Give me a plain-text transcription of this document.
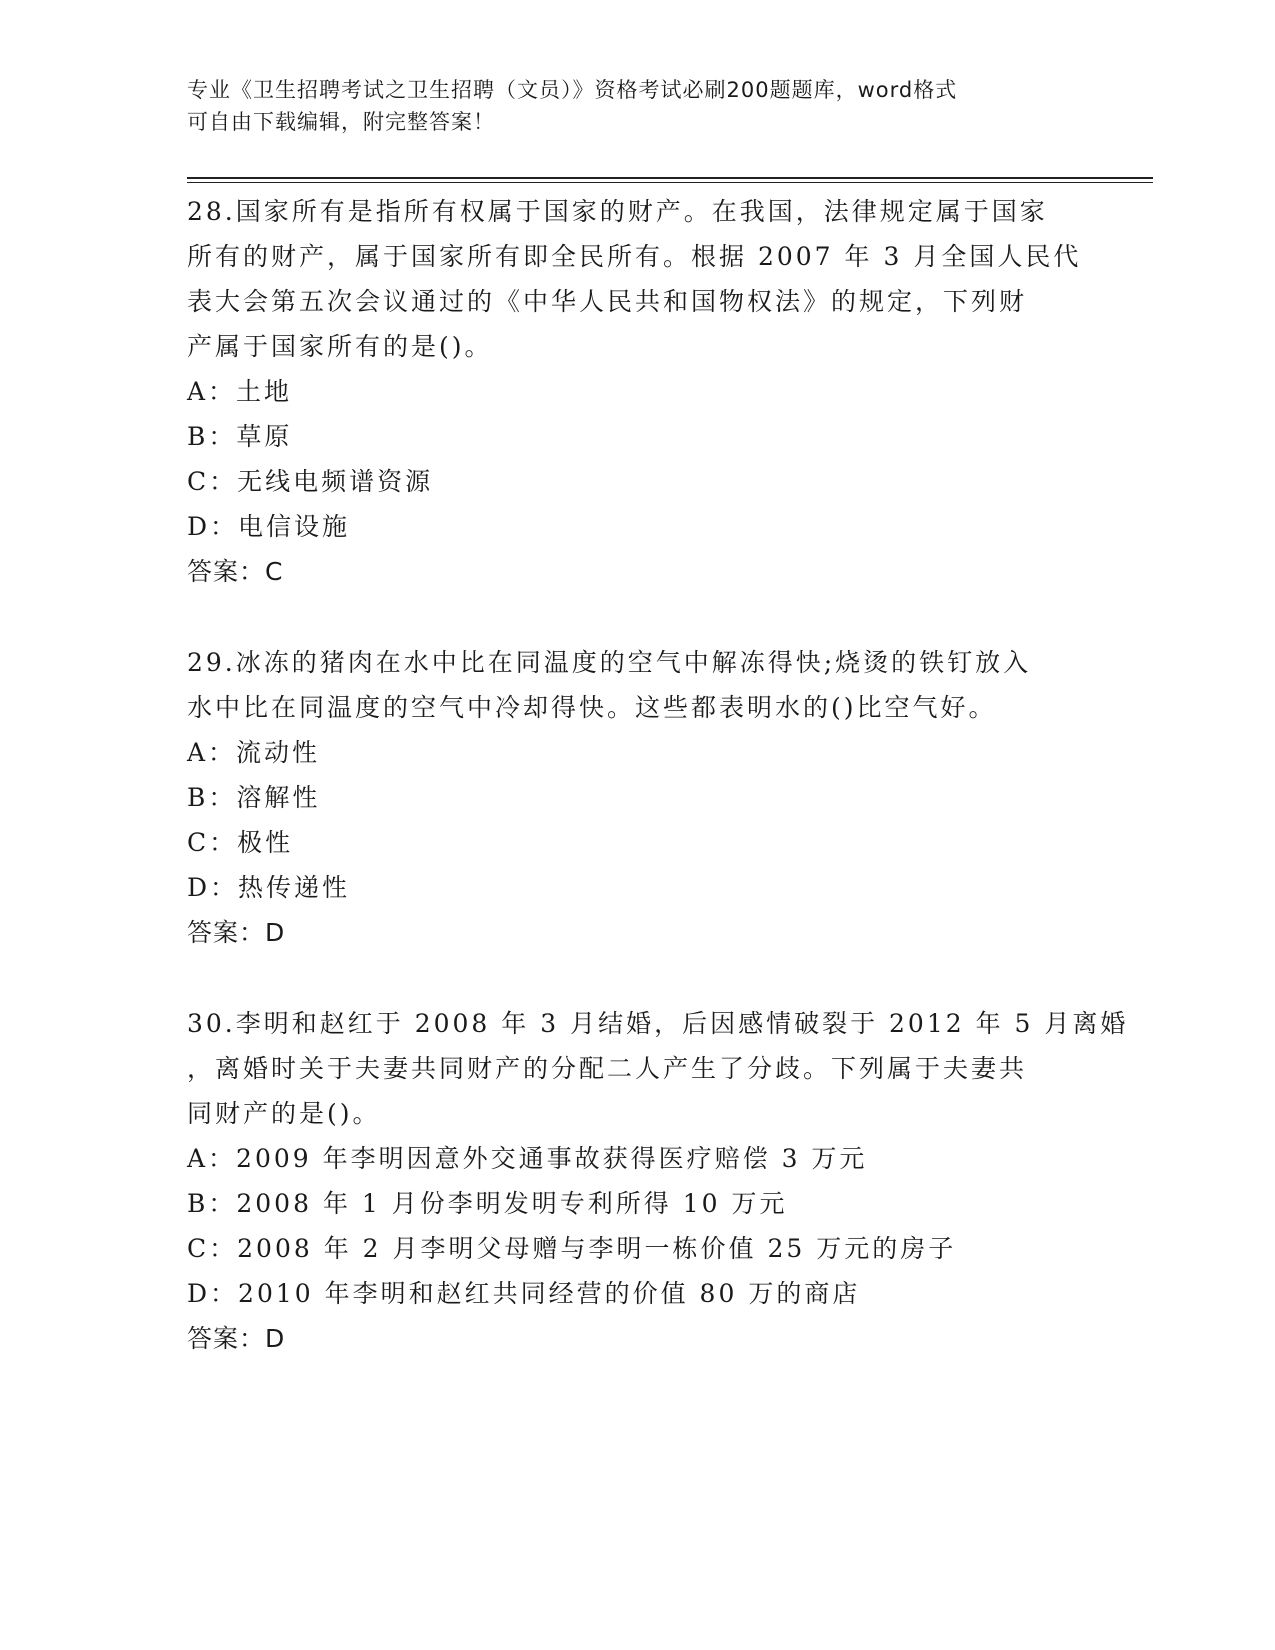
专业《卫生招聘考试之卫生招聘（文员）》资格考试必刷200题题库，word格式
可自由下载编辑，附完整答案！
28.国家所有是指所有权属于国家的财产。在我国，法律规定属于国家
所有的财产，属于国家所有即全民所有。根据 2007 年 3 月全国人民代
表大会第五次会议通过的《中华人民共和国物权法》的规定，下列财
产属于国家所有的是()。
A：土地
B：草原
C：无线电频谱资源
D：电信设施
答案：C
29.冰冻的猪肉在水中比在同温度的空气中解冻得快;烧烫的铁钉放入
水中比在同温度的空气中冷却得快。这些都表明水的()比空气好。
A：流动性
B：溶解性
C：极性
D：热传递性
答案：D
30.李明和赵红于 2008 年 3 月结婚，后因感情破裂于 2012 年 5 月离婚
，离婚时关于夫妻共同财产的分配二人产生了分歧。下列属于夫妻共
同财产的是()。
A：2009 年李明因意外交通事故获得医疗赔偿 3 万元
B：2008 年 1 月份李明发明专利所得 10 万元
C：2008 年 2 月李明父母赠与李明一栋价值 25 万元的房子
D：2010 年李明和赵红共同经营的价值 80 万的商店
答案：D
